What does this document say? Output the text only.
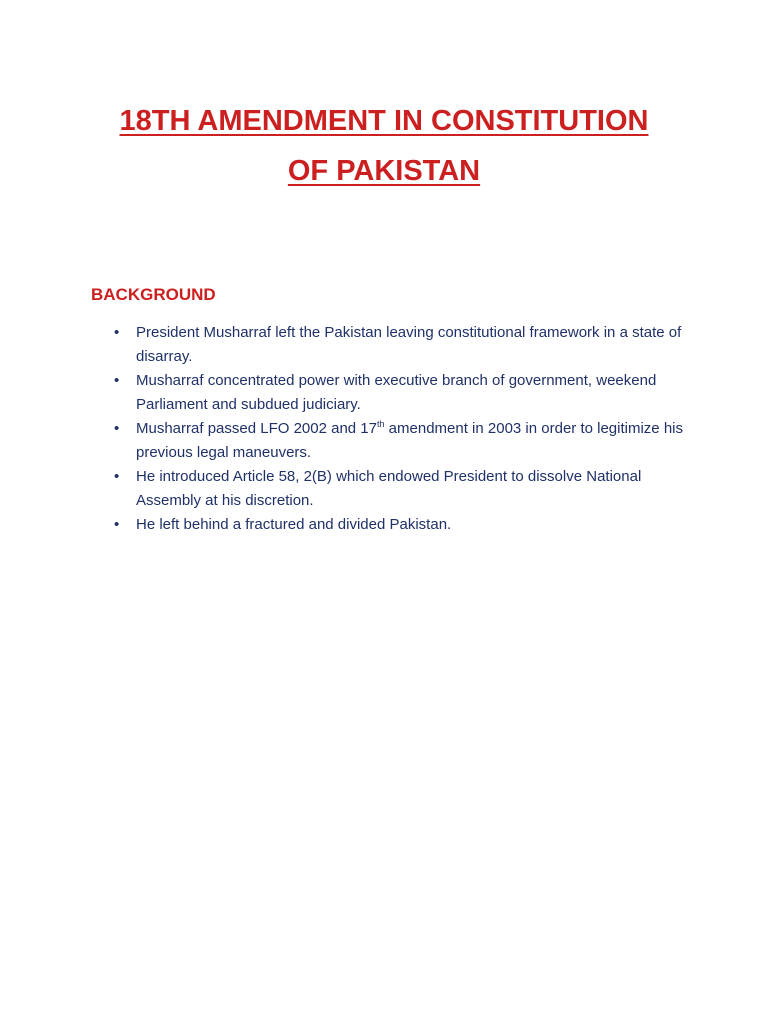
18TH AMENDMENT IN CONSTITUTION
OF PAKISTAN
BACKGROUND
•	President Musharraf left the Pakistan leaving constitutional framework in a state of disarray.
•	Musharraf concentrated power with executive branch of government, weekend Parliament and subdued judiciary.
•	Musharraf passed LFO 2002 and 17th amendment in 2003 in order to legitimize his previous legal maneuvers.
•	He introduced Article 58, 2(B) which endowed President to dissolve National Assembly at his discretion.
•	He left behind a fractured and divided Pakistan.
